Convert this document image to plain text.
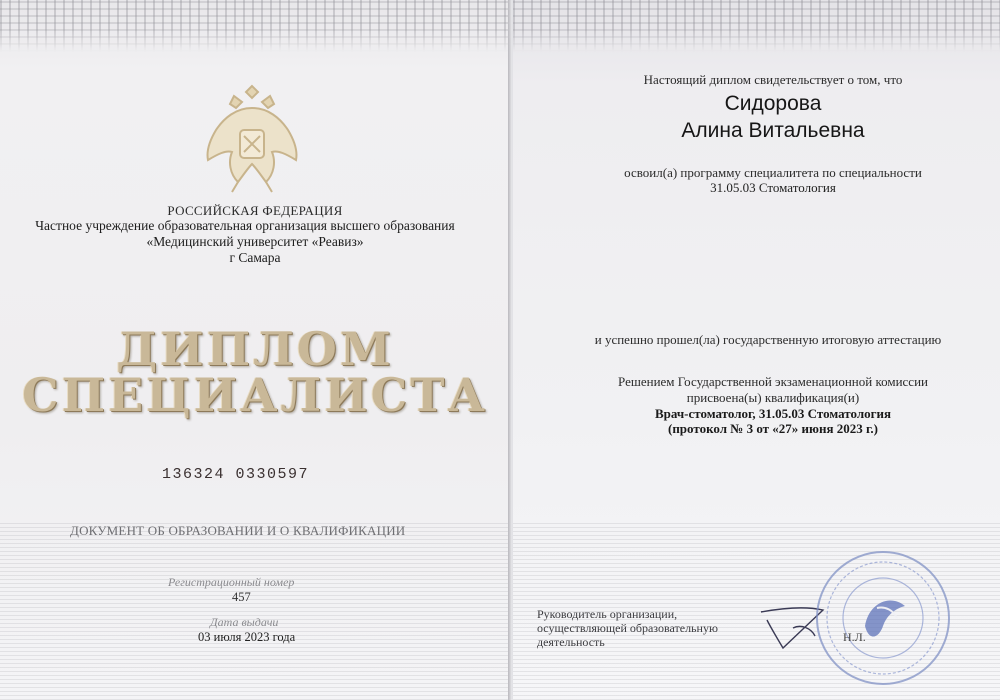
РОССИЙСКАЯ ФЕДЕРАЦИЯ
Частное учреждение образовательная организация высшего образования
«Медицинский университет «Реавиз»
г Самара
ДИПЛОМ
СПЕЦИАЛИСТА
136324 0330597
ДОКУМЕНТ ОБ ОБРАЗОВАНИИ И О КВАЛИФИКАЦИИ
Регистрационный номер
457
Дата выдачи
03 июля 2023 года
Настоящий диплом свидетельствует о том, что
Сидорова
Алина Витальевна
освоил(а) программу специалитета по специальности
31.05.03 Стоматология
и успешно прошел(ла) государственную итоговую аттестацию
Решением Государственной экзаменационной комиссии
присвоена(ы) квалификация(и)
Врач-стоматолог, 31.05.03 Стоматология
(протокол № 3 от «27» июня 2023 г.)
Руководитель организации,
осуществляющей образовательную
деятельность	Н.Л.
